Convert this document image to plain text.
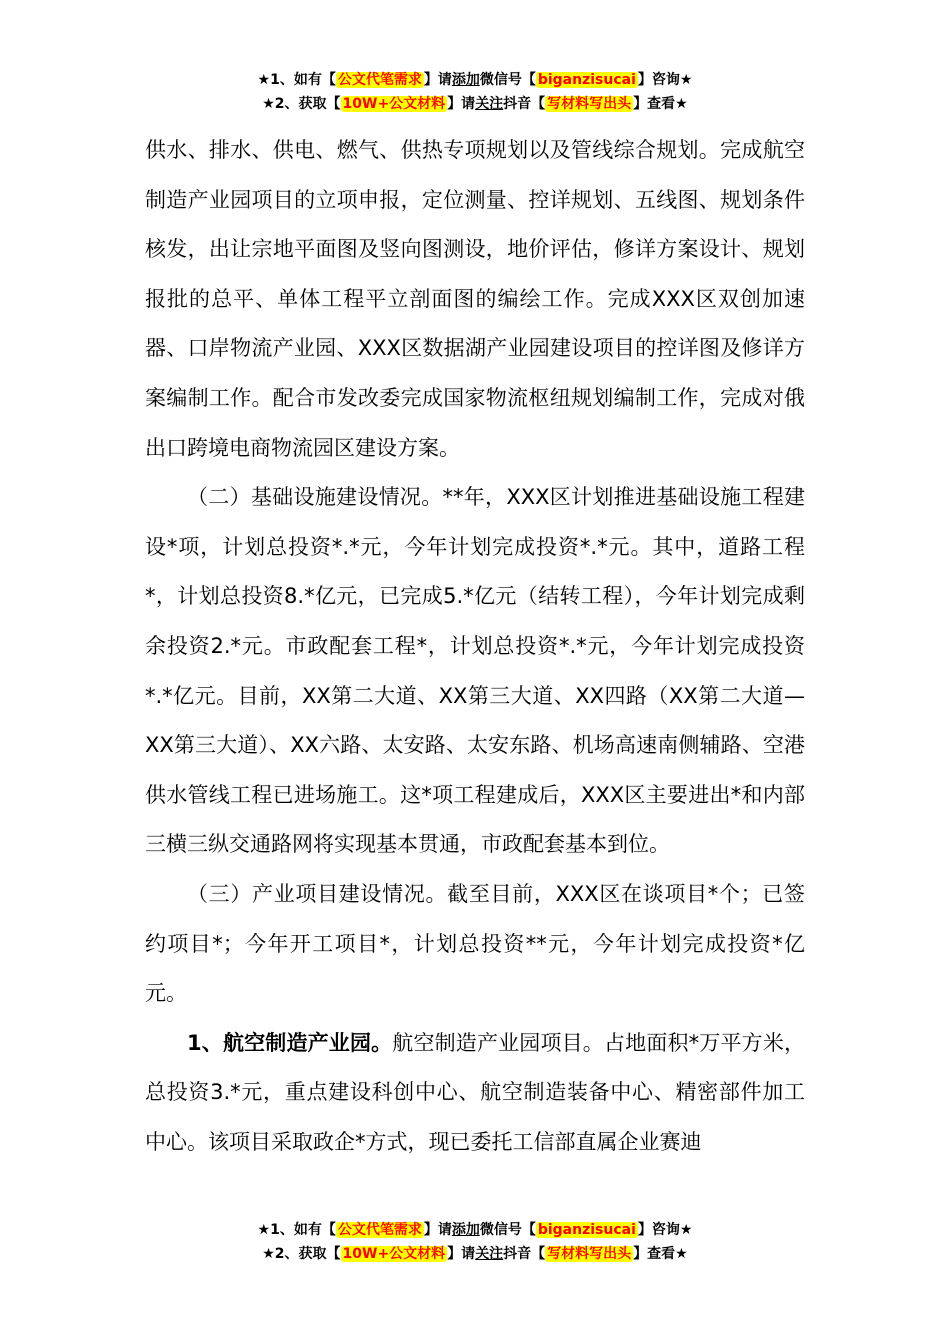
★1、如有【 公文代笔需求 】请添加微信号【 biganzisucai 】咨询★
★2、获取【 10W+公文材料 】请关注抖音【 写材料写出头 】查看★

供水、排水、供电、燃气、供热专项规划以及管线综合规划。完成航空制造产业园项目的立项申报，定位测量、控详规划、五线图、规划条件核发，出让宗地平面图及竖向图测设，地价评估，修详方案设计、规划报批的总平、单体工程平立剖面图的编绘工作。完成XXX区双创加速器、口岸物流产业园、XXX区数据湖产业园建设项目的控详图及修详方案编制工作。配合市发改委完成国家物流枢纽规划编制工作，完成对俄出口跨境电商物流园区建设方案。

（二）基础设施建设情况。**年，XXX区计划推进基础设施工程建设*项，计划总投资*.*元，今年计划完成投资*.*元。其中，道路工程*，计划总投资8.*亿元，已完成5.*亿元（结转工程），今年计划完成剩余投资2.*元。市政配套工程*，计划总投资*.*元，今年计划完成投资*.*亿元。目前，XX第二大道、XX第三大道、XX四路（XX第二大道—XX第三大道）、XX六路、太安路、太安东路、机场高速南侧辅路、空港供水管线工程已进场施工。这*项工程建成后，XXX区主要进出*和内部三横三纵交通路网将实现基本贯通，市政配套基本到位。

（三）产业项目建设情况。截至目前，XXX区在谈项目*个；已签约项目*；今年开工项目*，计划总投资**元，今年计划完成投资*亿元。

1、航空制造产业园。航空制造产业园项目。占地面积*万平方米，总投资3.*元，重点建设科创中心、航空制造装备中心、精密部件加工中心。该项目采取政企*方式，现已委托工信部直属企业赛迪

★1、如有【 公文代笔需求 】请添加微信号【 biganzisucai 】咨询★
★2、获取【 10W+公文材料 】请关注抖音【 写材料写出头 】查看★
